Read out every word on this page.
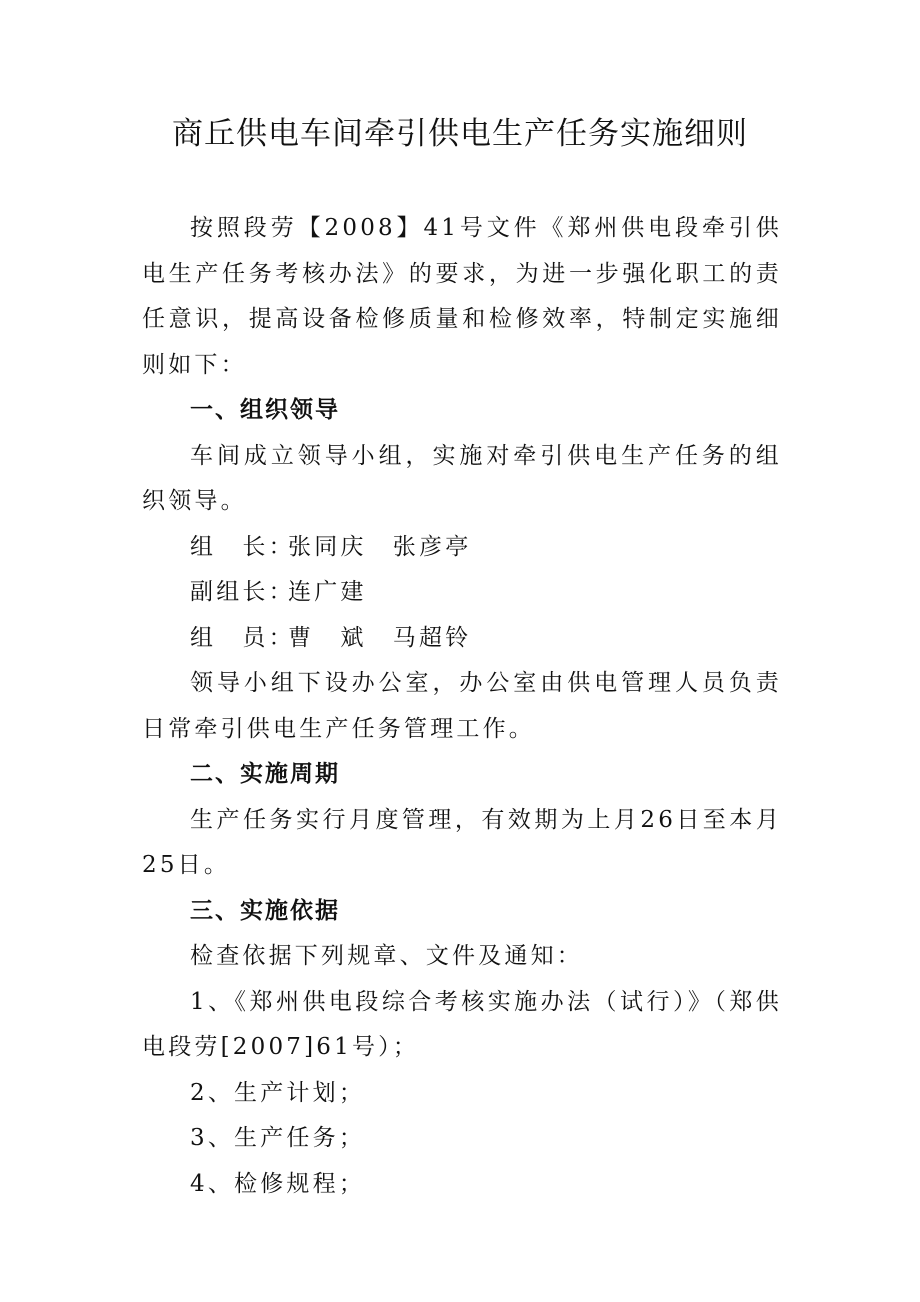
商丘供电车间牵引供电生产任务实施细则

按照段劳【2008】41号文件《郑州供电段牵引供电生产任务考核办法》的要求，为进一步强化职工的责任意识，提高设备检修质量和检修效率，特制定实施细则如下：

一、组织领导

车间成立领导小组，实施对牵引供电生产任务的组织领导。

组　长：张同庆　张彦亭

副组长：连广建

组　员：曹　斌　马超铃

领导小组下设办公室，办公室由供电管理人员负责日常牵引供电生产任务管理工作。

二、实施周期

生产任务实行月度管理，有效期为上月26日至本月25日。

三、实施依据

检查依据下列规章、文件及通知：

1、《郑州供电段综合考核实施办法（试行）》（郑供电段劳[2007]61号）；

2、生产计划；

3、生产任务；

4、检修规程；
